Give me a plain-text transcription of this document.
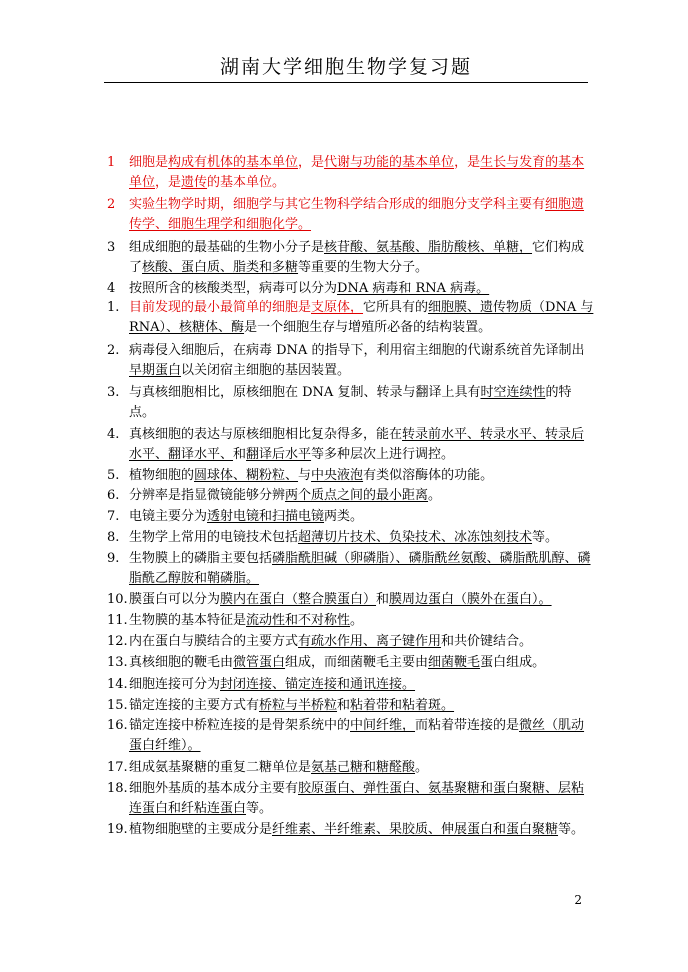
湖南大学细胞生物学复习题
1	细胞是构成有机体的基本单位，是代谢与功能的基本单位，是生长与发育的基本单位，是遗传的基本单位。
2	实验生物学时期，细胞学与其它生物科学结合形成的细胞分支学科主要有细胞遗传学、细胞生理学和细胞化学。
3	组成细胞的最基础的生物小分子是核苷酸、氨基酸、脂肪酸核、单糖，它们构成了核酸、蛋白质、脂类和多糖等重要的生物大分子。
4	按照所含的核酸类型，病毒可以分为DNA 病毒和 RNA 病毒。
1. 目前发现的最小最简单的细胞是支原体，它所具有的细胞膜、遗传物质（DNA 与 RNA）、核糖体、酶是一个细胞生存与增殖所必备的结构装置。
2. 病毒侵入细胞后，在病毒 DNA 的指导下，利用宿主细胞的代谢系统首先译制出早期蛋白以关闭宿主细胞的基因装置。
3. 与真核细胞相比，原核细胞在 DNA 复制、转录与翻译上具有时空连续性的特点。
4. 真核细胞的表达与原核细胞相比复杂得多，能在转录前水平、转录水平、转录后水平、翻译水平、和翻译后水平等多种层次上进行调控。
5. 植物细胞的圆球体、糊粉粒、与中央液泡有类似溶酶体的功能。
6. 分辨率是指显微镜能够分辨两个质点之间的最小距离。
7. 电镜主要分为透射电镜和扫描电镜两类。
8. 生物学上常用的电镜技术包括超薄切片技术、负染技术、冰冻蚀刻技术等。
9. 生物膜上的磷脂主要包括磷脂酰胆碱（卵磷脂）、磷脂酰丝氨酸、磷脂酰肌醇、磷脂酰乙醇胺和鞘磷脂。
10. 膜蛋白可以分为膜内在蛋白（整合膜蛋白）和膜周边蛋白（膜外在蛋白）。
11. 生物膜的基本特征是流动性和不对称性。
12. 内在蛋白与膜结合的主要方式有疏水作用、离子键作用和共价键结合。
13. 真核细胞的鞭毛由微管蛋白组成，而细菌鞭毛主要由细菌鞭毛蛋白组成。
14. 细胞连接可分为封闭连接、锚定连接和通讯连接。
15. 锚定连接的主要方式有桥粒与半桥粒和粘着带和粘着斑。
16. 锚定连接中桥粒连接的是骨架系统中的中间纤维，而粘着带连接的是微丝（肌动蛋白纤维）。
17. 组成氨基聚糖的重复二糖单位是氨基己糖和糖醛酸。
18. 细胞外基质的基本成分主要有胶原蛋白、弹性蛋白、氨基聚糖和蛋白聚糖、层粘连蛋白和纤粘连蛋白等。
19. 植物细胞壁的主要成分是纤维素、半纤维素、果胶质、伸展蛋白和蛋白聚糖等。
2
